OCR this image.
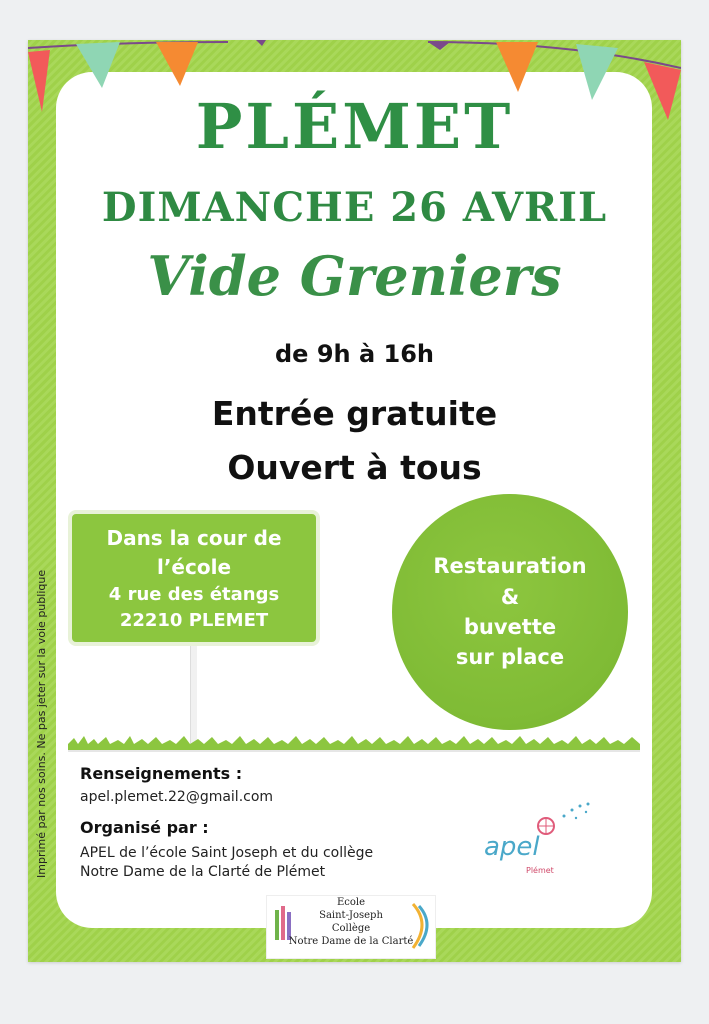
PLÉMET
DIMANCHE 26 AVRIL
Vide Greniers
de 9h à 16h
Entrée gratuite
Ouvert à tous
Dans la cour de
l’école
4 rue des étangs
22210 PLEMET
Restauration
&
buvette
sur place
Renseignements :
apel.plemet.22@gmail.com
Organisé par :
APEL de l’école Saint Joseph et du collège
Notre Dame de la Clarté de Plémet
Imprimé par nos soins. Ne pas jeter sur la voie publique	apel
Plémet
Ecole
Saint-Joseph
Collège
Notre Dame de la Clarté
